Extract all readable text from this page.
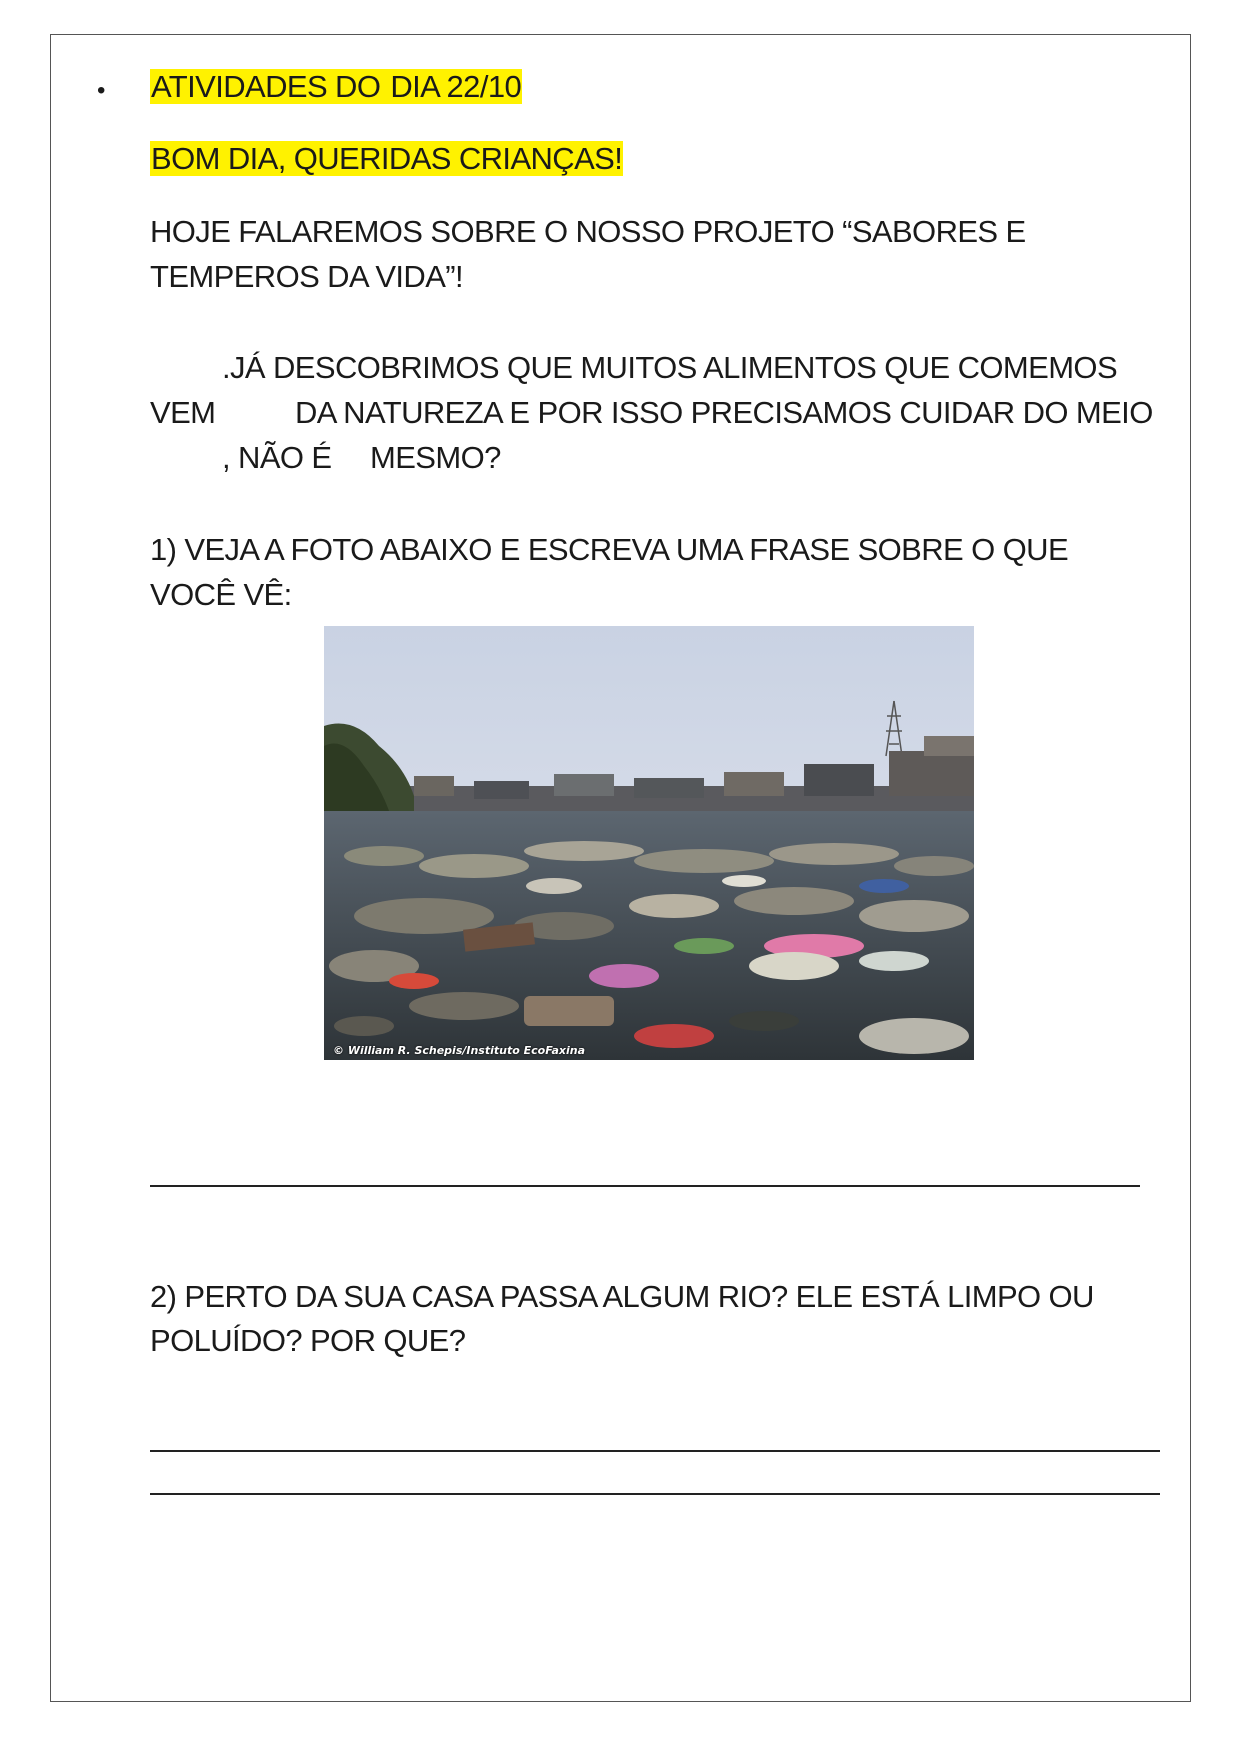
• ATIVIDADES DO DIA 22/10
BOM DIA, QUERIDAS CRIANÇAS!
HOJE FALAREMOS SOBRE O NOSSO PROJETO “SABORES E
TEMPEROS DA VIDA”!
.JÁ DESCOBRIMOS QUE MUITOS ALIMENTOS QUE COMEMOS
VEM	DA NATUREZA E POR ISSO PRECISAMOS CUIDAR DO MEIO
, NÃO É MESMO?
1) VEJA A FOTO ABAIXO E ESCREVA UMA FRASE SOBRE O QUE
VOCÊ VÊ:
© William R. Schepis/Instituto EcoFaxina
2) PERTO DA SUA CASA PASSA ALGUM RIO? ELE ESTÁ LIMPO OU
POLUÍDO? POR QUE?
